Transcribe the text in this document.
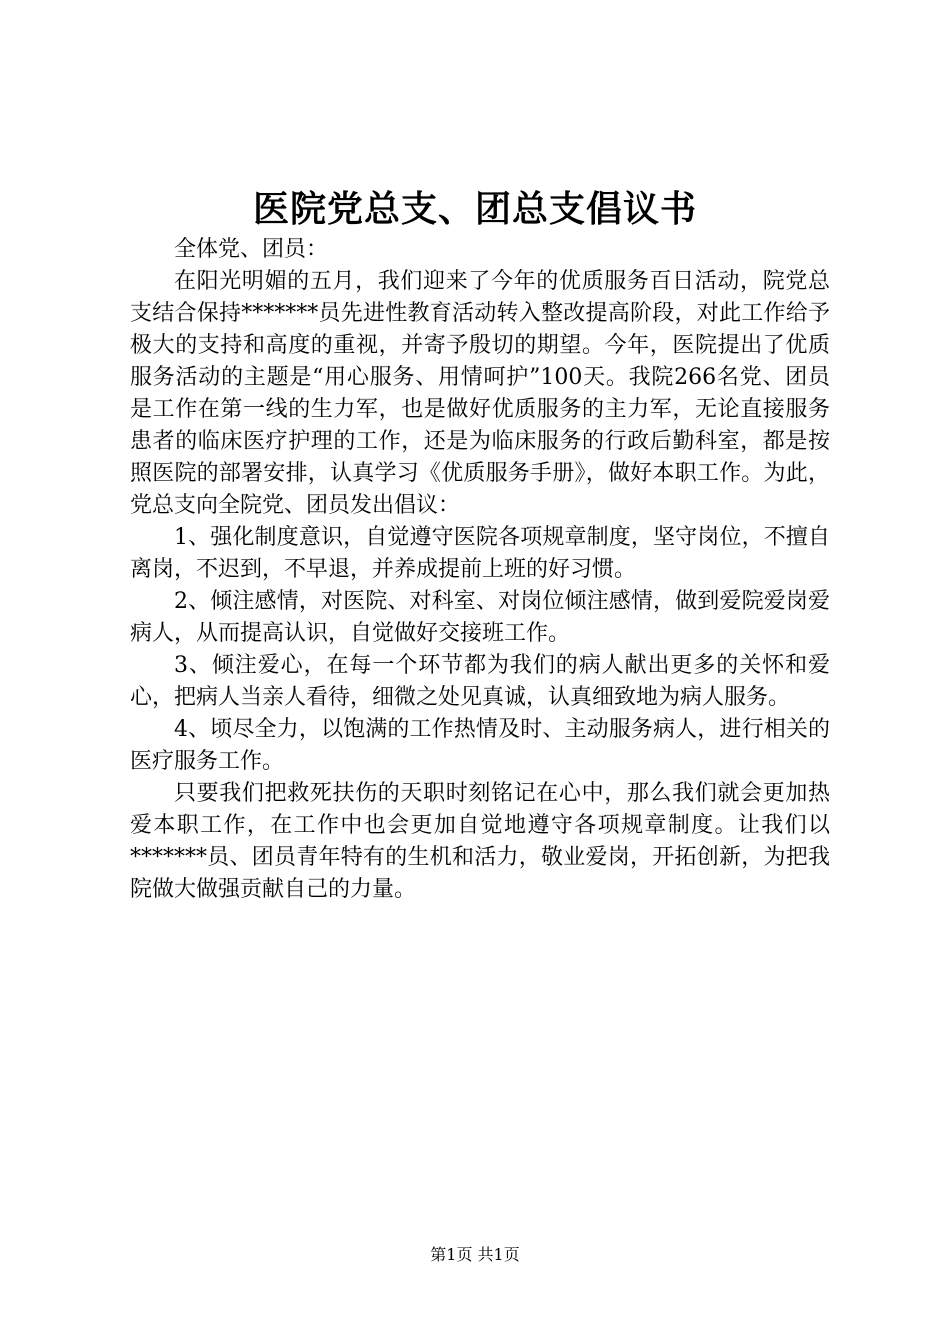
医院党总支、团总支倡议书

全体党、团员：

在阳光明媚的五月，我们迎来了今年的优质服务百日活动，院党总支结合保持*******员先进性教育活动转入整改提高阶段，对此工作给予极大的支持和高度的重视，并寄予殷切的期望。今年，医院提出了优质服务活动的主题是“用心服务、用情呵护”100天。我院266名党、团员是工作在第一线的生力军，也是做好优质服务的主力军，无论直接服务患者的临床医疗护理的工作，还是为临床服务的行政后勤科室，都是按照医院的部署安排，认真学习《优质服务手册》，做好本职工作。为此，党总支向全院党、团员发出倡议：

1、强化制度意识，自觉遵守医院各项规章制度，坚守岗位，不擅自离岗，不迟到，不早退，并养成提前上班的好习惯。

2、倾注感情，对医院、对科室、对岗位倾注感情，做到爱院爱岗爱病人，从而提高认识，自觉做好交接班工作。

3、倾注爱心，在每一个环节都为我们的病人献出更多的关怀和爱心，把病人当亲人看待，细微之处见真诚，认真细致地为病人服务。

4、顷尽全力，以饱满的工作热情及时、主动服务病人，进行相关的医疗服务工作。

只要我们把救死扶伤的天职时刻铭记在心中，那么我们就会更加热爱本职工作，在工作中也会更加自觉地遵守各项规章制度。让我们以*******员、团员青年特有的生机和活力，敬业爱岗，开拓创新，为把我院做大做强贡献自己的力量。

第1页 共1页
